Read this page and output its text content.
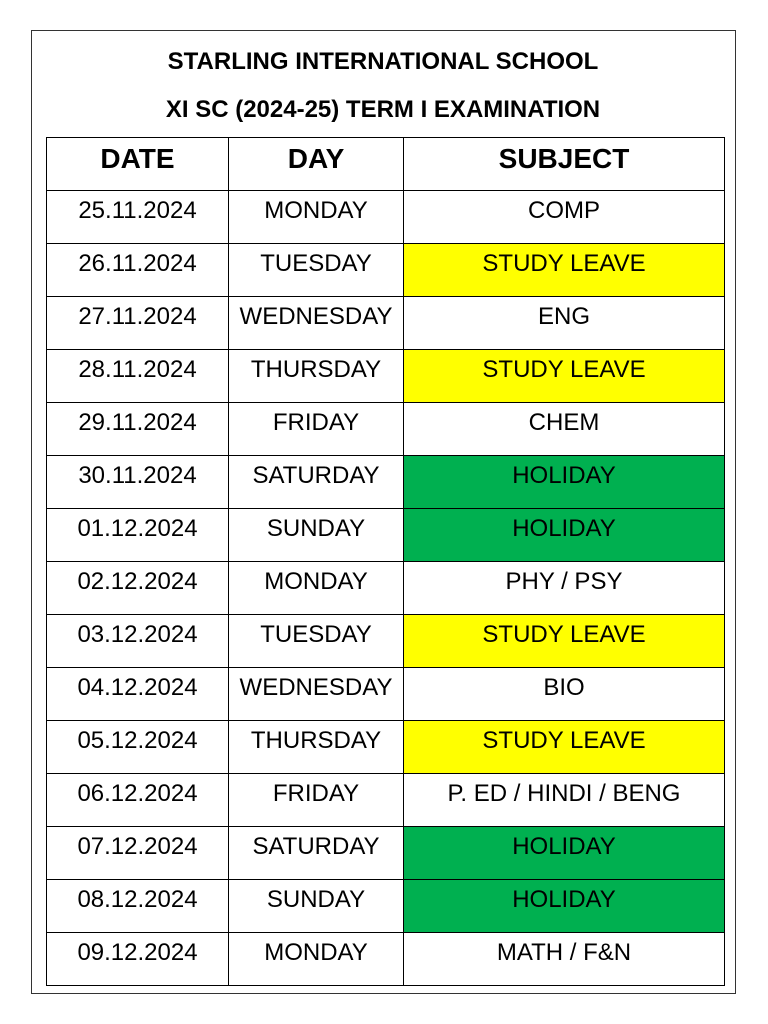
STARLING INTERNATIONAL SCHOOL
XI SC (2024-25) TERM I EXAMINATION
DATE	DAY	SUBJECT
25.11.2024	MONDAY	COMP
26.11.2024	TUESDAY	STUDY LEAVE
27.11.2024	WEDNESDAY	ENG
28.11.2024	THURSDAY	STUDY LEAVE
29.11.2024	FRIDAY	CHEM
30.11.2024	SATURDAY	HOLIDAY
01.12.2024	SUNDAY	HOLIDAY
02.12.2024	MONDAY	PHY / PSY
03.12.2024	TUESDAY	STUDY LEAVE
04.12.2024	WEDNESDAY	BIO
05.12.2024	THURSDAY	STUDY LEAVE
06.12.2024	FRIDAY	P. ED / HINDI / BENG
07.12.2024	SATURDAY	HOLIDAY
08.12.2024	SUNDAY	HOLIDAY
09.12.2024	MONDAY	MATH / F&N
